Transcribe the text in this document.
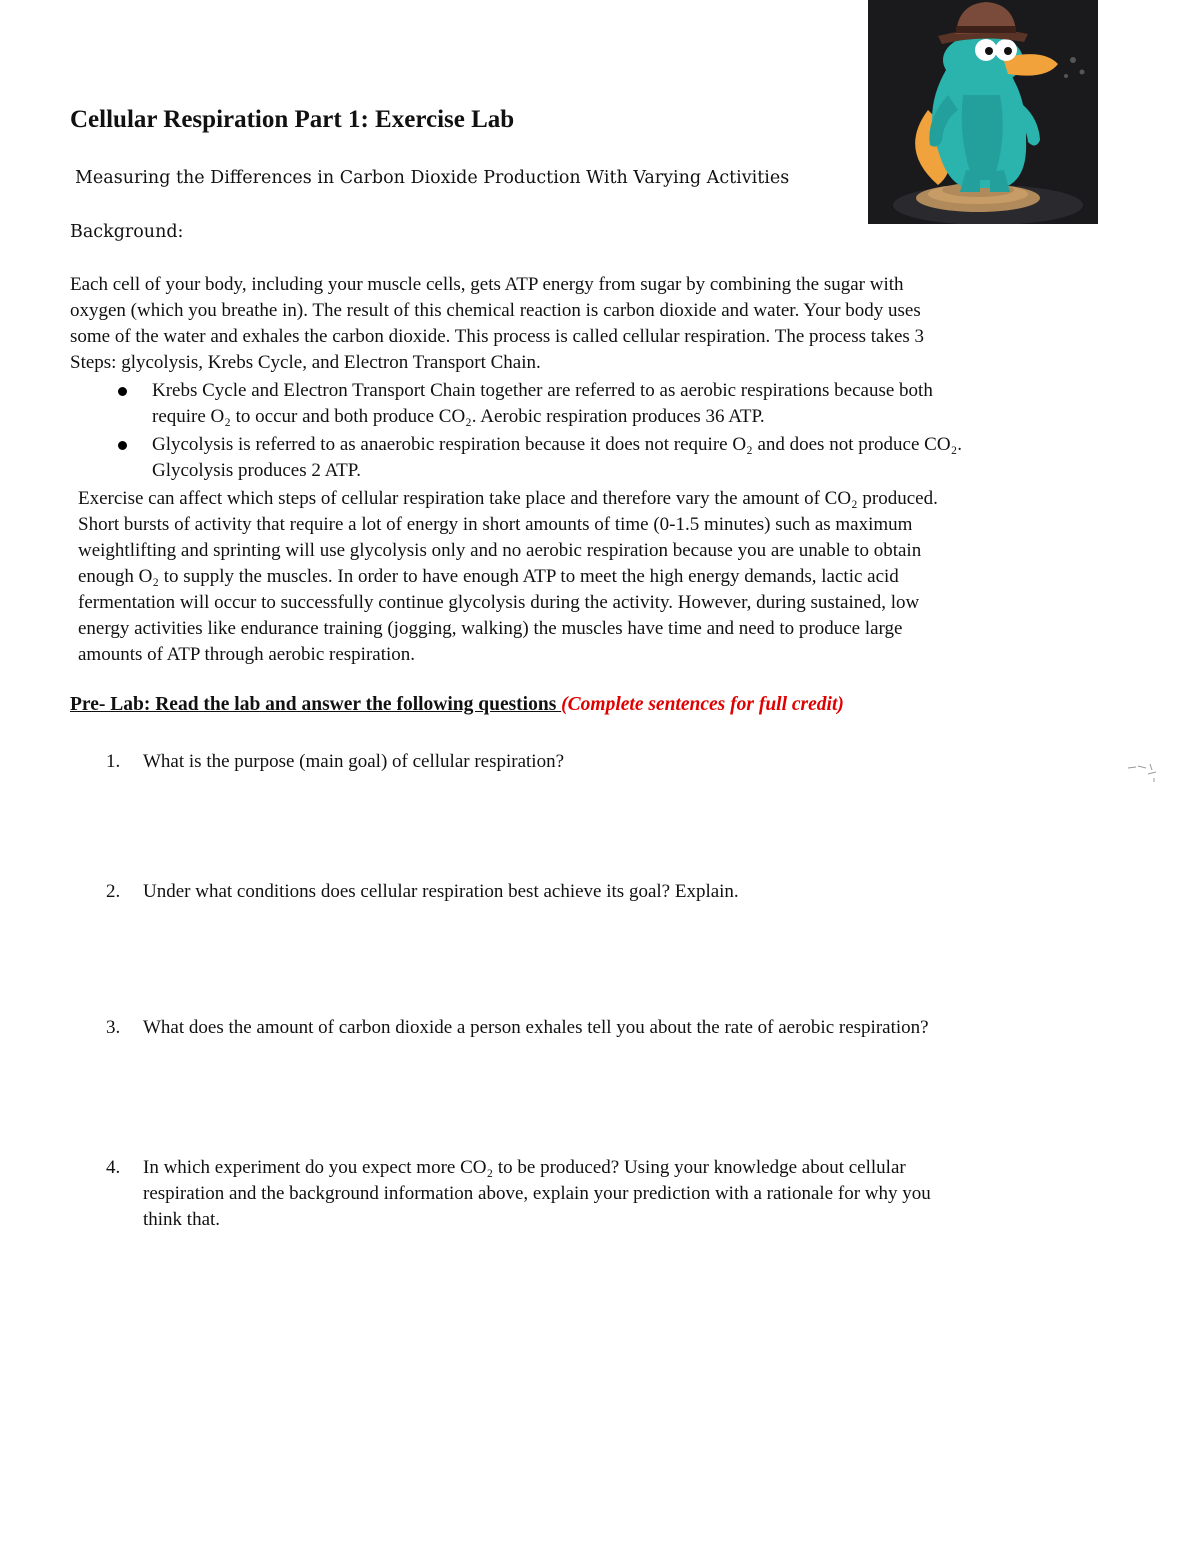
Cellular Respiration Part 1: Exercise Lab
Measuring the Differences in Carbon Dioxide Production With Varying Activities
Background:
Each cell of your body, including your muscle cells, gets ATP energy from sugar by combining the sugar with
oxygen (which you breathe in). The result of this chemical reaction is carbon dioxide and water. Your body uses
some of the water and exhales the carbon dioxide. This process is called cellular respiration. The process takes 3
Steps: glycolysis, Krebs Cycle, and Electron Transport Chain.
Krebs Cycle and Electron Transport Chain together are referred to as aerobic respirations because both
require O₂ to occur and both produce CO₂. Aerobic respiration produces 36 ATP.
Glycolysis is referred to as anaerobic respiration because it does not require O₂ and does not produce CO₂.
Glycolysis produces 2 ATP.
Exercise can affect which steps of cellular respiration take place and therefore vary the amount of CO₂ produced.
Short bursts of activity that require a lot of energy in short amounts of time (0-1.5 minutes) such as maximum
weightlifting and sprinting will use glycolysis only and no aerobic respiration because you are unable to obtain
enough O₂ to supply the muscles. In order to have enough ATP to meet the high energy demands, lactic acid
fermentation will occur to successfully continue glycolysis during the activity. However, during sustained, low
energy activities like endurance training (jogging, walking) the muscles have time and need to produce large
amounts of ATP through aerobic respiration.
Pre- Lab: Read the lab and answer the following questions (Complete sentences for full credit)
1. What is the purpose (main goal) of cellular respiration?
2. Under what conditions does cellular respiration best achieve its goal? Explain.
3. What does the amount of carbon dioxide a person exhales tell you about the rate of aerobic respiration?
4. In which experiment do you expect more CO₂ to be produced? Using your knowledge about cellular
respiration and the background information above, explain your prediction with a rationale for why you
think that.
